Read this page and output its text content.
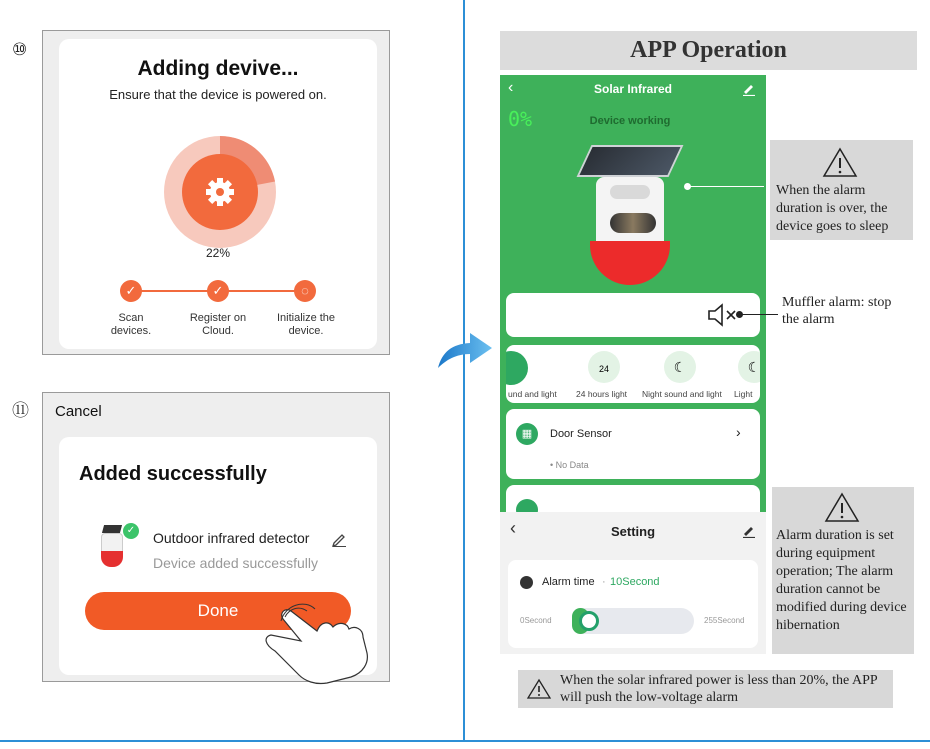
⑩
Adding devive...
Ensure that the device is powered on.
22%
✓	✓	◌
Scan devices.
Register on Cloud.
Initialize the device.
⑪ Cancel
Added successfully
✓ Outdoor infrared detector
Device added successfully
Done
APP Operation
‹	Solar Infrared
0%	Device working
24	☾	☾
und and light 24 hours light Night sound and light Light
▦	Door Sensor	›
• No Data
‹	Setting
Alarm time · 10Second
0Second	255Second
When the alarm duration is over, the device goes to sleep
Muffler alarm: stop the alarm
Alarm duration is set during equipment operation; The alarm duration cannot be modified during device hibernation
When the solar infrared power is less than 20%, the APP will push the low-voltage alarm
